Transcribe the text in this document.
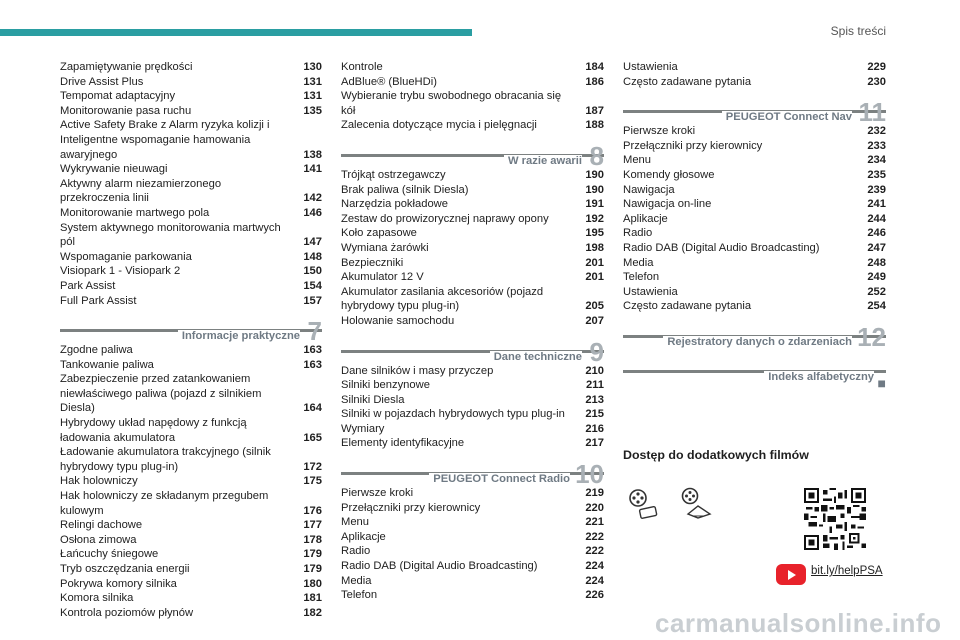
Spis treści
Zapamiętywanie prędkości	130
Drive Assist Plus	131
Tempomat adaptacyjny	131
Monitorowanie pasa ruchu	135
Active Safety Brake z Alarm ryzyka kolizji i Inteligentne wspomaganie hamowania awaryjnego	138
Wykrywanie nieuwagi	141
Aktywny alarm niezamierzonego przekroczenia linii	142
Monitorowanie martwego pola	146
System aktywnego monitorowania martwych pól	147
Wspomaganie parkowania	148
Visiopark 1 - Visiopark 2	150
Park Assist	154
Full Park Assist	157
Informacje praktyczne 7
Zgodne paliwa	163
Tankowanie paliwa	163
Zabezpieczenie przed zatankowaniem niewłaściwego paliwa (pojazd z silnikiem Diesla)	164
Hybrydowy układ napędowy z funkcją ładowania akumulatora	165
Ładowanie akumulatora trakcyjnego (silnik hybrydowy typu plug-in)	172
Hak holowniczy	175
Hak holowniczy ze składanym przegubem kulowym	176
Relingi dachowe	177
Osłona zimowa	178
Łańcuchy śniegowe	179
Tryb oszczędzania energii	179
Pokrywa komory silnika	180
Komora silnika	181
Kontrola poziomów płynów	182
Kontrole	184
AdBlue® (BlueHDi)	186
Wybieranie trybu swobodnego obracania się kół	187
Zalecenia dotyczące mycia i pielęgnacji	188
W razie awarii 8
Trójkąt ostrzegawczy	190
Brak paliwa (silnik Diesla)	190
Narzędzia pokładowe	191
Zestaw do prowizorycznej naprawy opony	192
Koło zapasowe	195
Wymiana żarówki	198
Bezpieczniki	201
Akumulator 12 V	201
Akumulator zasilania akcesoriów (pojazd hybrydowy typu plug-in)	205
Holowanie samochodu	207
Dane techniczne 9
Dane silników i masy przyczep	210
Silniki benzynowe	211
Silniki Diesla	213
Silniki w pojazdach hybrydowych typu plug-in	215
Wymiary	216
Elementy identyfikacyjne	217
PEUGEOT Connect Radio 10
Pierwsze kroki	219
Przełączniki przy kierownicy	220
Menu	221
Aplikacje	222
Radio	222
Radio DAB (Digital Audio Broadcasting)	224
Media	224
Telefon	226
Ustawienia	229
Często zadawane pytania	230
PEUGEOT Connect Nav 11
Pierwsze kroki	232
Przełączniki przy kierownicy	233
Menu	234
Komendy głosowe	235
Nawigacja	239
Nawigacja on-line	241
Aplikacje	244
Radio	246
Radio DAB (Digital Audio Broadcasting)	247
Media	248
Telefon	249
Ustawienia	252
Często zadawane pytania	254
Rejestratory danych o zdarzeniach 12
Indeks alfabetyczny ■
Dostęp do dodatkowych filmów
bit.ly/helpPSA
carmanualsonline.info
